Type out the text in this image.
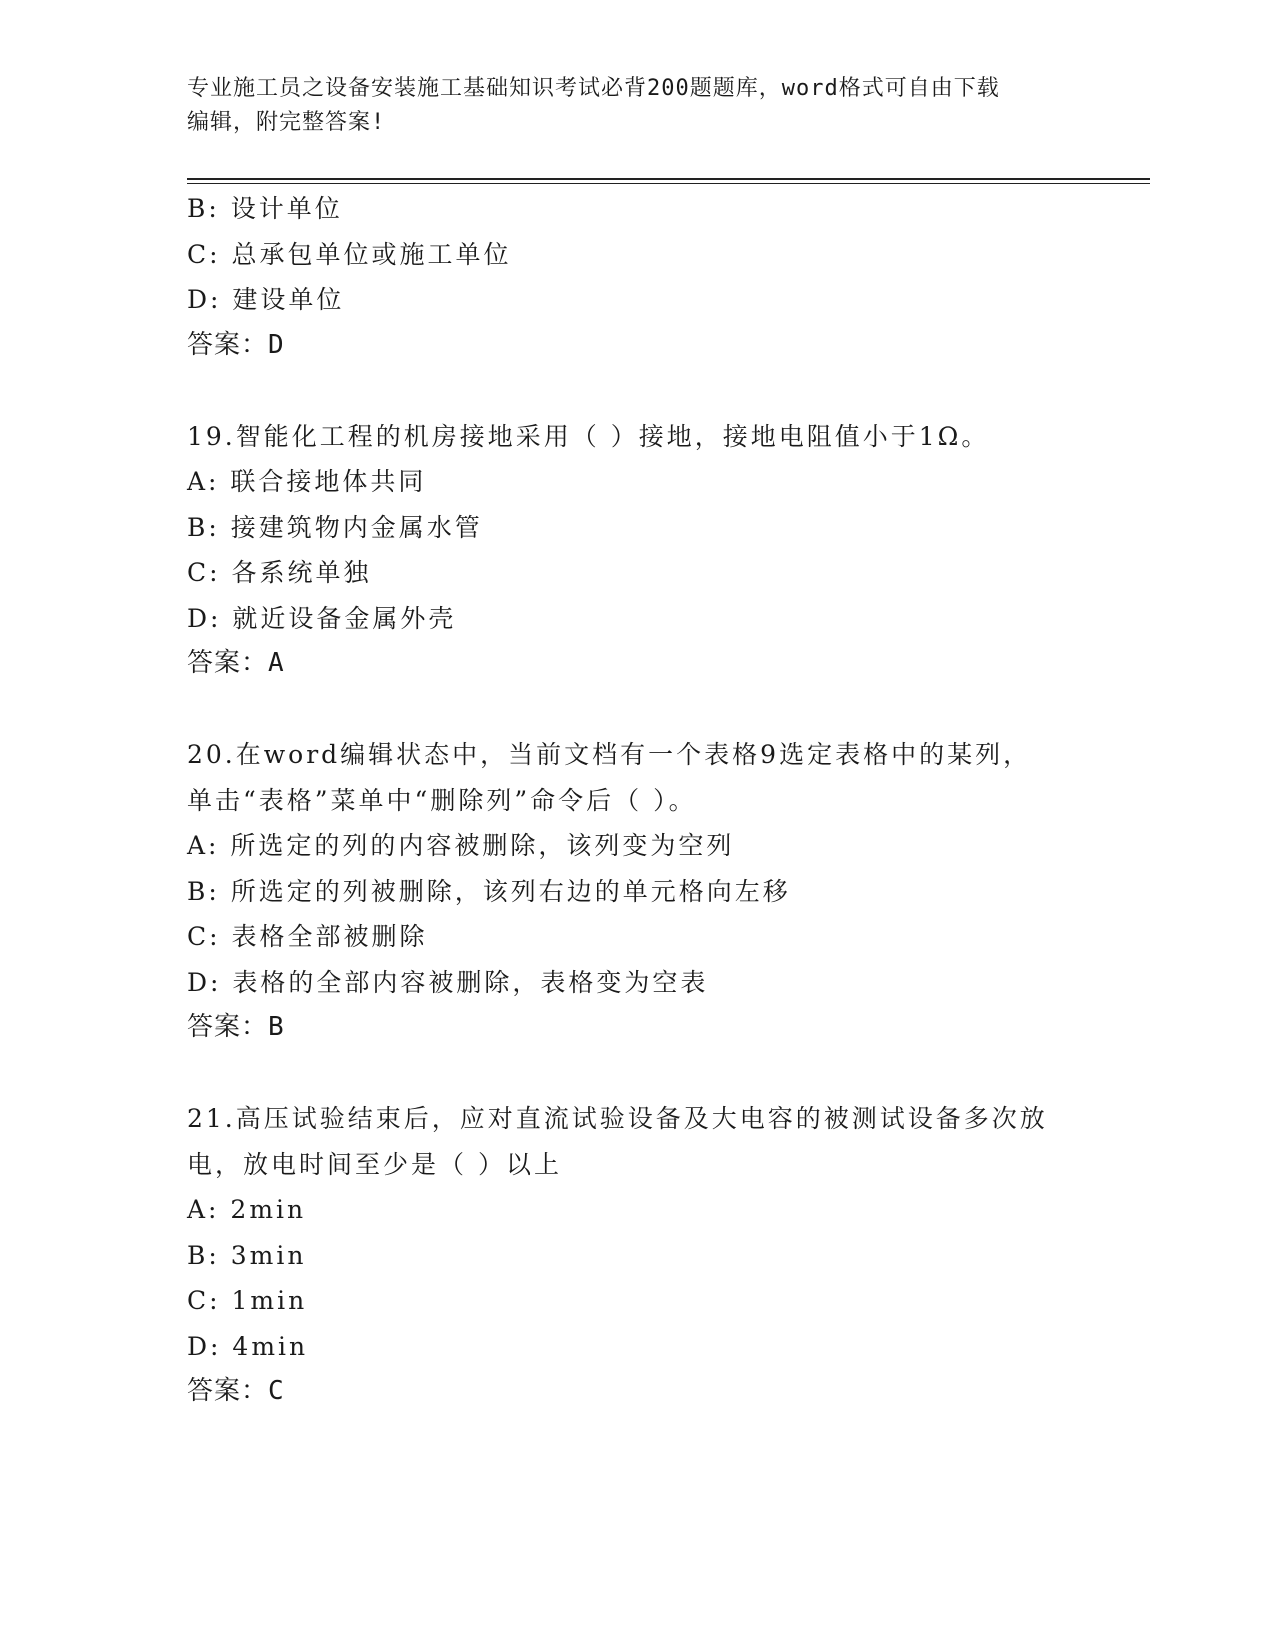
专业施工员之设备安装施工基础知识考试必背200题题库，word格式可自由下载
编辑，附完整答案!
B: 设计单位
C: 总承包单位或施工单位
D: 建设单位
答案：D
19.智能化工程的机房接地采用（ ）接地，接地电阻值小于1Ω。
A: 联合接地体共同
B: 接建筑物内金属水管
C: 各系统单独
D: 就近设备金属外壳
答案：A
20.在word编辑状态中，当前文档有一个表格9选定表格中的某列，
单击“表格”菜单中“删除列”命令后（ ）。
A: 所选定的列的内容被删除，该列变为空列
B: 所选定的列被删除，该列右边的单元格向左移
C: 表格全部被删除
D: 表格的全部内容被删除，表格变为空表
答案：B
21.高压试验结束后，应对直流试验设备及大电容的被测试设备多次放
电，放电时间至少是（ ）以上
A: 2min
B: 3min
C: 1min
D: 4min
答案：C
